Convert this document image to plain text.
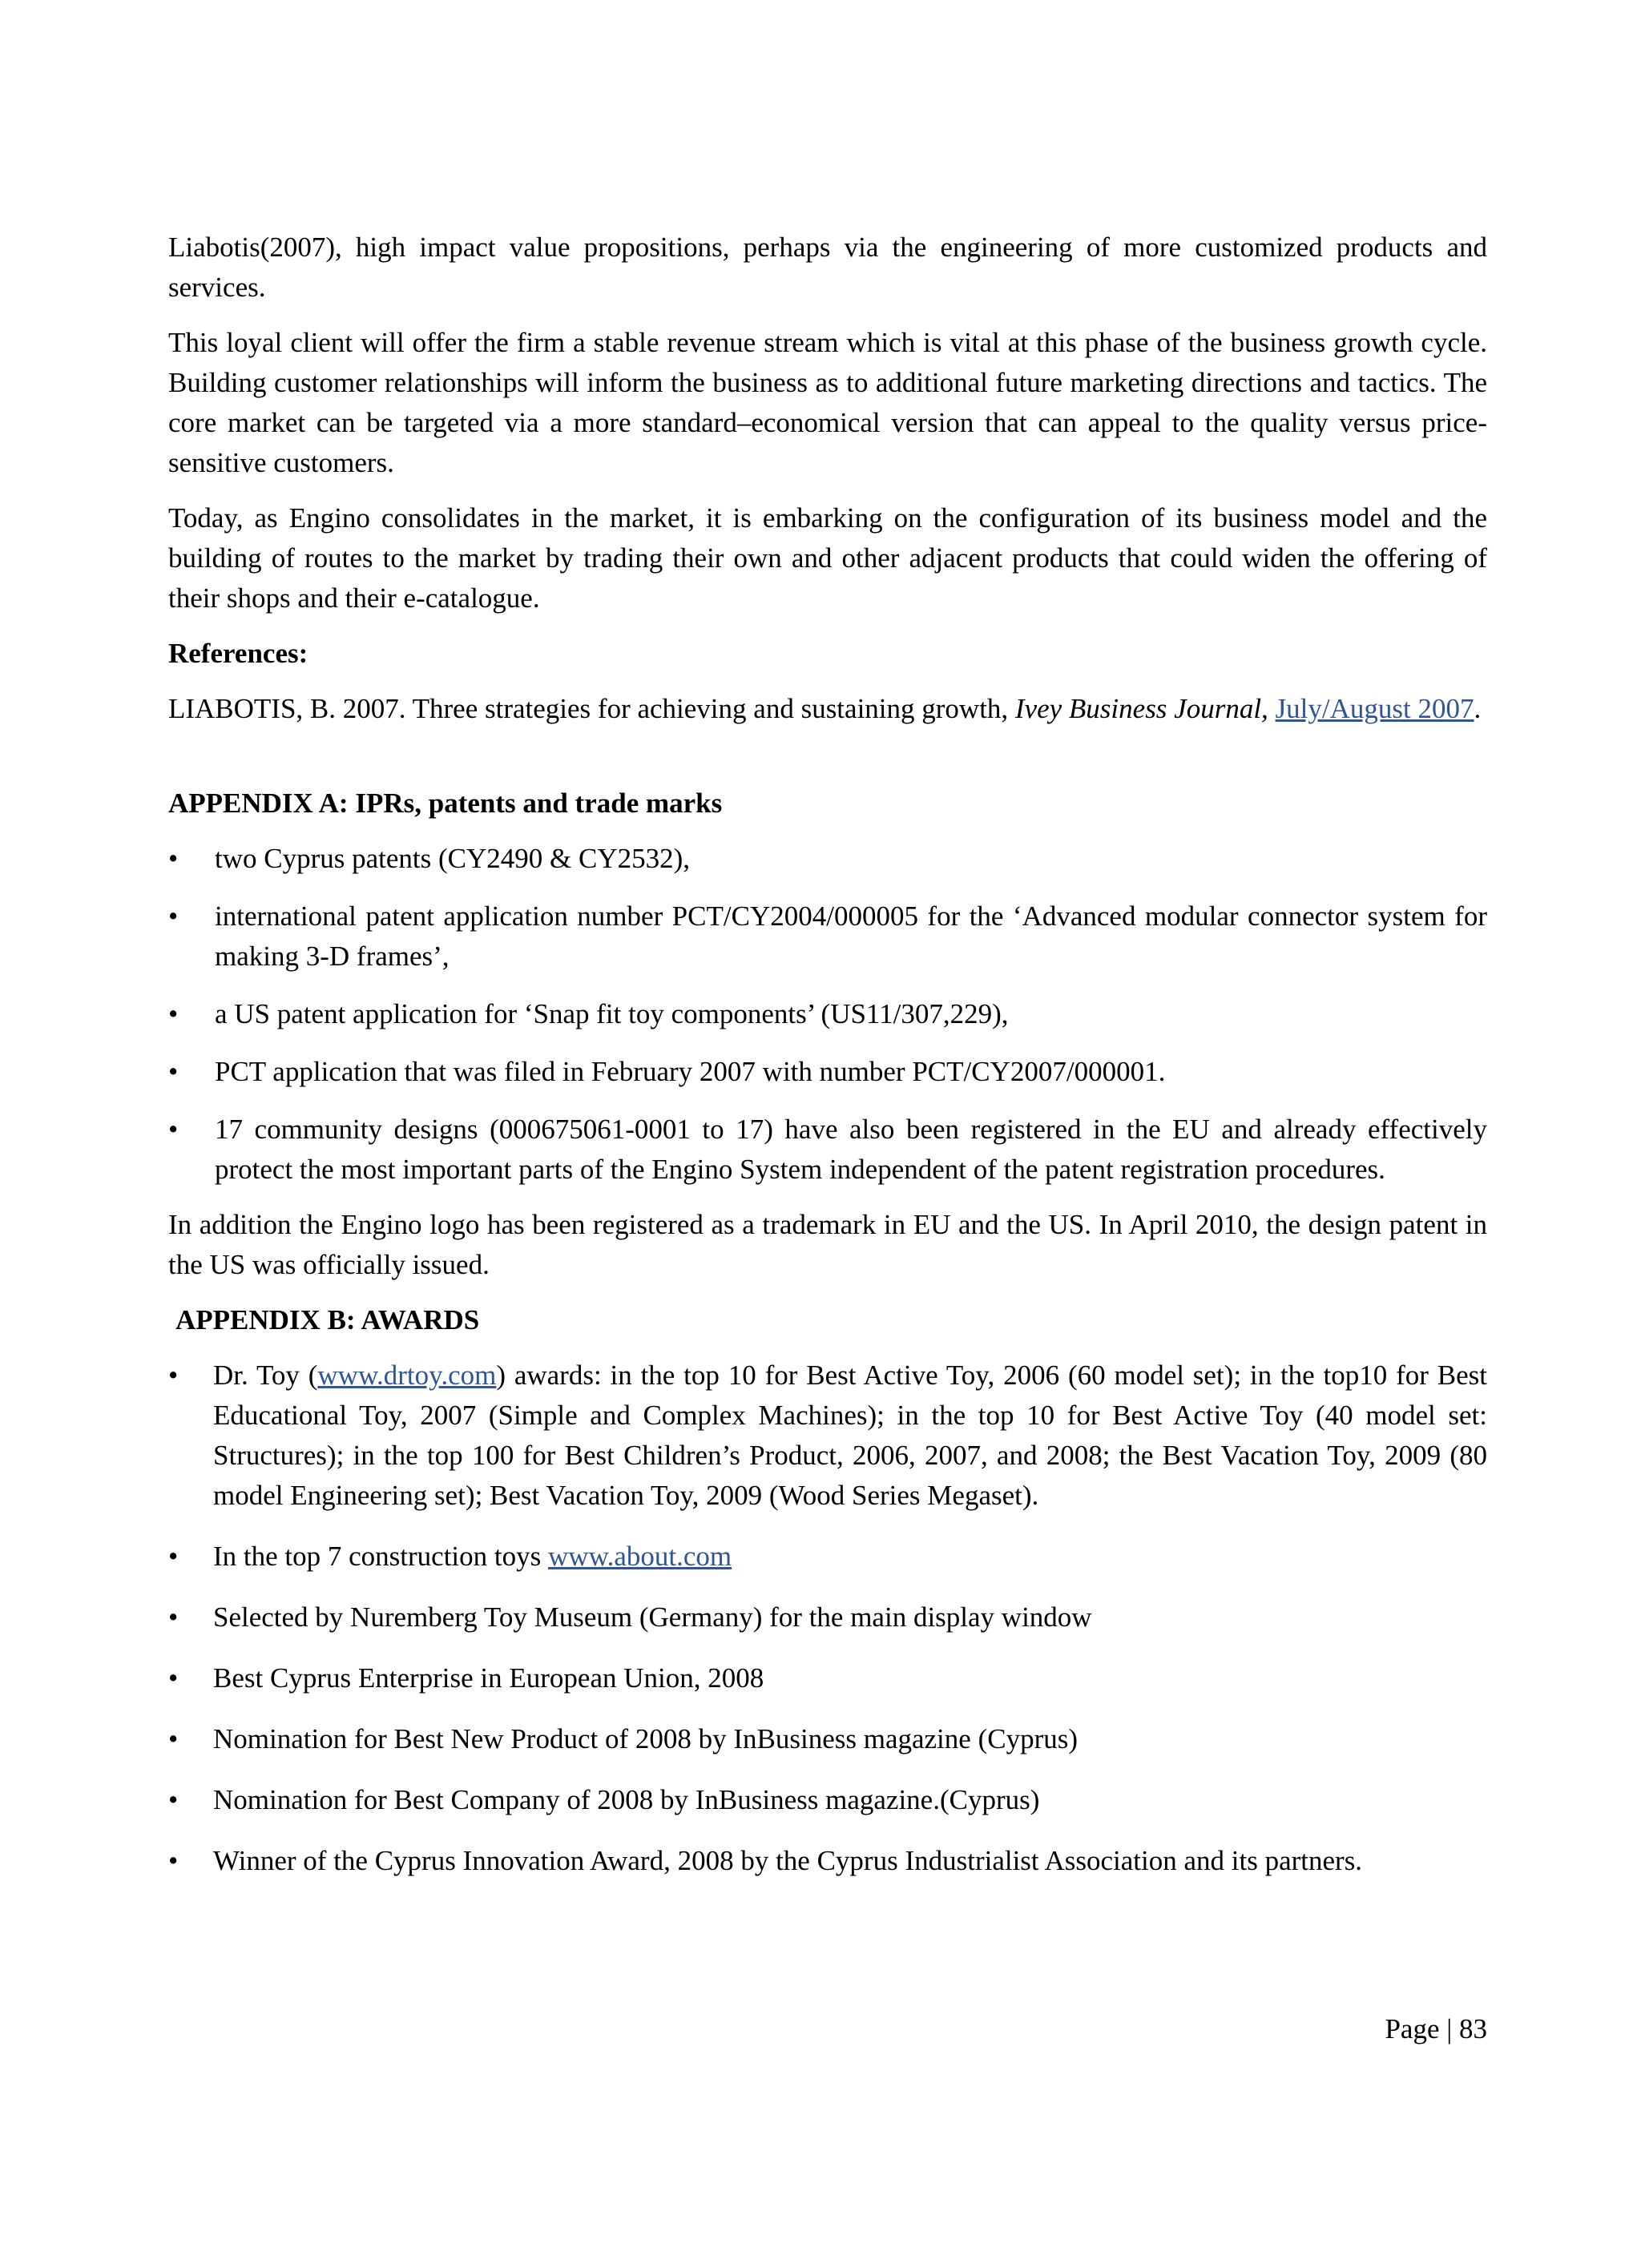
Liabotis(2007), high impact value propositions, perhaps via the engineering of more customized products and services.

This loyal client will offer the firm a stable revenue stream which is vital at this phase of the business growth cycle. Building customer relationships will inform the business as to additional future marketing directions and tactics. The core market can be targeted via a more standard–economical version that can appeal to the quality versus price-sensitive customers.

Today, as Engino consolidates in the market, it is embarking on the configuration of its business model and the building of routes to the market by trading their own and other adjacent products that could widen the offering of their shops and their e-catalogue.

References:

LIABOTIS, B. 2007. Three strategies for achieving and sustaining growth, Ivey Business Journal, July/August 2007.

APPENDIX A: IPRs, patents and trade marks

• two Cyprus patents (CY2490 & CY2532),
• international patent application number PCT/CY2004/000005 for the ‘Advanced modular connector system for making 3-D frames’,
• a US patent application for ‘Snap fit toy components’ (US11/307,229),
• PCT application that was filed in February 2007 with number PCT/CY2007/000001.
• 17 community designs (000675061-0001 to 17) have also been registered in the EU and already effectively protect the most important parts of the Engino System independent of the patent registration procedures.

In addition the Engino logo has been registered as a trademark in EU and the US. In April 2010, the design patent in the US was officially issued.

APPENDIX B: AWARDS

• Dr. Toy (www.drtoy.com) awards: in the top 10 for Best Active Toy, 2006 (60 model set); in the top10 for Best Educational Toy, 2007 (Simple and Complex Machines); in the top 10 for Best Active Toy (40 model set: Structures); in the top 100 for Best Children’s Product, 2006, 2007, and 2008; the Best Vacation Toy, 2009 (80 model Engineering set); Best Vacation Toy, 2009 (Wood Series Megaset).
• In the top 7 construction toys www.about.com
• Selected by Nuremberg Toy Museum (Germany) for the main display window
• Best Cyprus Enterprise in European Union, 2008
• Nomination for Best New Product of 2008 by InBusiness magazine (Cyprus)
• Nomination for Best Company of 2008 by InBusiness magazine.(Cyprus)
• Winner of the Cyprus Innovation Award, 2008 by the Cyprus Industrialist Association and its partners.
Page | 83
